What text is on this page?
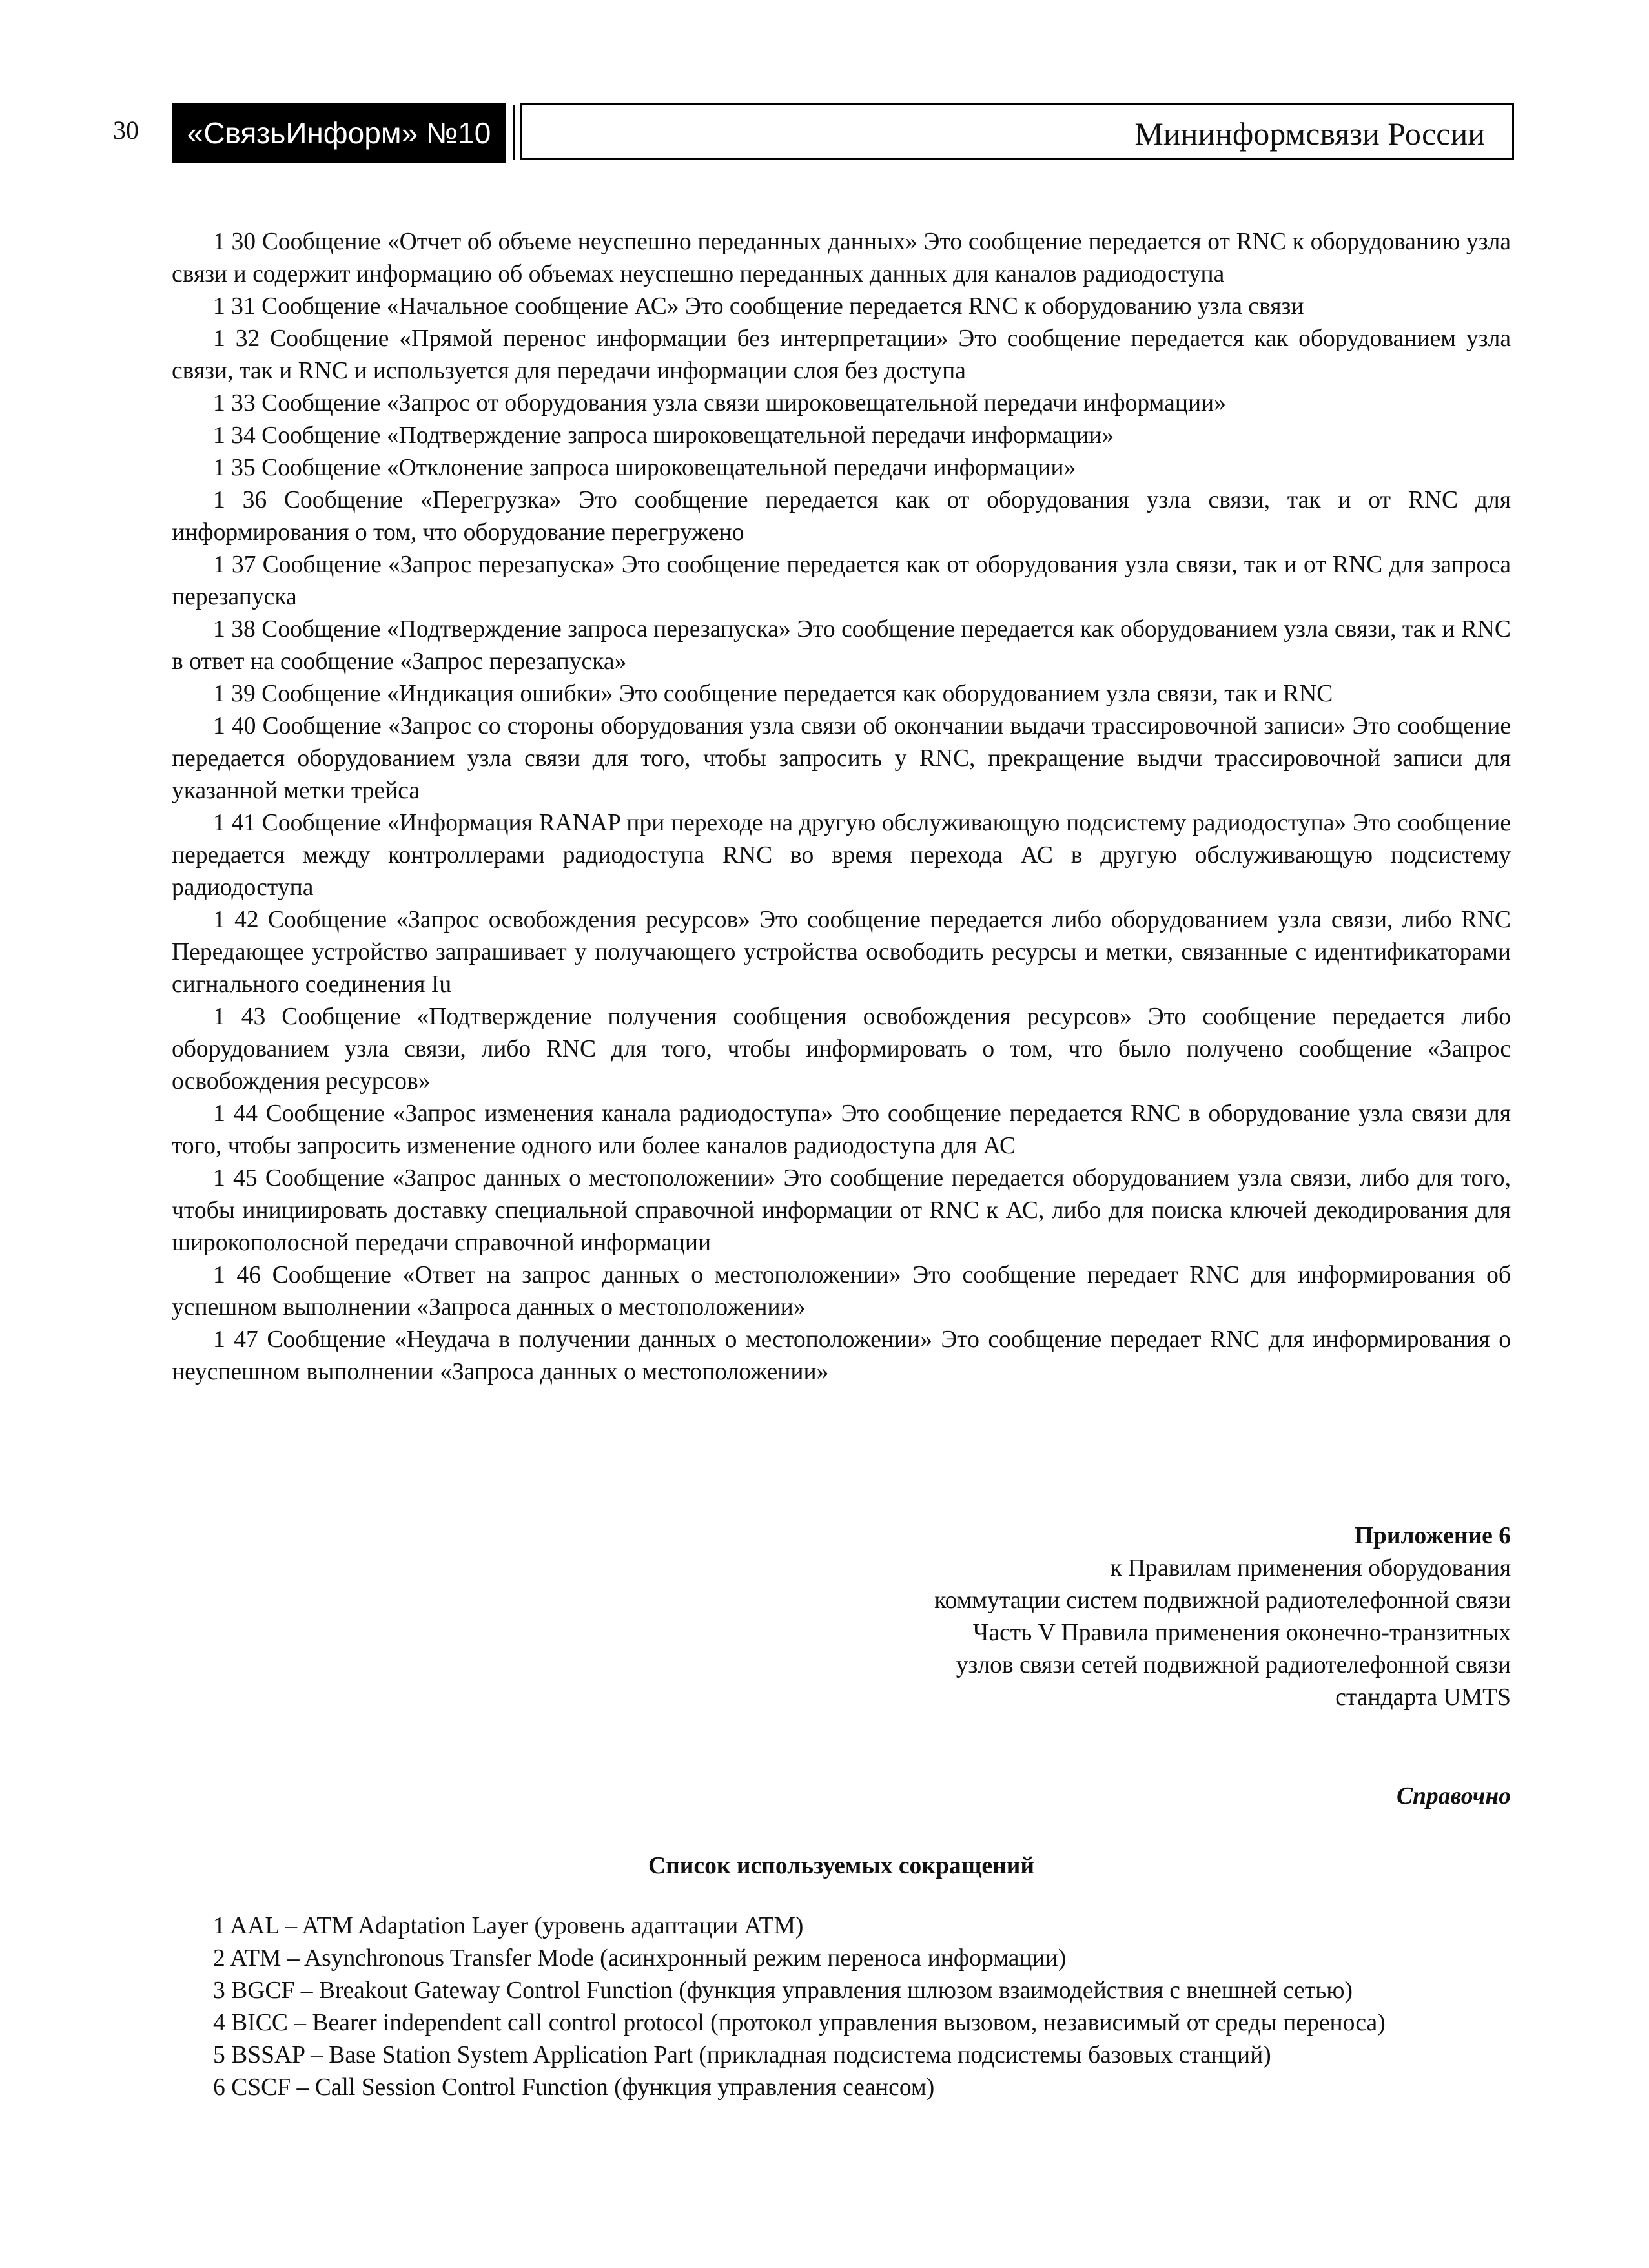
30	«СвязьИнформ» №10	Мининформсвязи России

1 30 Сообщение «Отчет об объеме неуспешно переданных данных» Это сообщение передается от RNC к оборудованию узла связи и содержит информацию об объемах неуспешно переданных данных для каналов радиодоступа

1 31 Сообщение «Начальное сообщение АС» Это сообщение передается RNC к оборудованию узла связи

1 32 Сообщение «Прямой перенос информации без интерпретации» Это сообщение передается как оборудованием узла связи, так и RNC и используется для передачи информации слоя без доступа

1 33 Сообщение «Запрос от оборудования узла связи широковещательной передачи информации»

1 34 Сообщение «Подтверждение запроса широковещательной передачи информации»

1 35 Сообщение «Отклонение запроса широковещательной передачи информации»

1 36 Сообщение «Перегрузка» Это сообщение передается как от оборудования узла связи, так и от RNC для информирования о том, что оборудование перегружено

1 37 Сообщение «Запрос перезапуска» Это сообщение передается как от оборудования узла связи, так и от RNC для запроса перезапуска

1 38 Сообщение «Подтверждение запроса перезапуска» Это сообщение передается как оборудованием узла связи, так и RNC в ответ на сообщение «Запрос перезапуска»

1 39 Сообщение «Индикация ошибки» Это сообщение передается как оборудованием узла связи, так и RNC

1 40 Сообщение «Запрос со стороны оборудования узла связи об окончании выдачи трассировочной записи» Это сообщение передается оборудованием узла связи для того, чтобы запросить у RNC, прекращение выдчи трассировочной записи для указанной метки трейса

1 41 Сообщение «Информация RANAP при переходе на другую обслуживающую подсистему радиодоступа» Это сообщение передается между контроллерами радиодоступа RNC во время перехода АС в другую обслуживающую подсистему радиодоступа

1 42 Сообщение «Запрос освобождения ресурсов» Это сообщение передается либо оборудованием узла связи, либо RNC Передающее устройство запрашивает у получающего устройства освободить ресурсы и метки, связанные с идентификаторами сигнального соединения Iu

1 43 Сообщение «Подтверждение получения сообщения освобождения ресурсов» Это сообщение передается либо оборудованием узла связи, либо RNC для того, чтобы информировать о том, что было получено сообщение «Запрос освобождения ресурсов»

1 44 Сообщение «Запрос изменения канала радиодоступа» Это сообщение передается RNC в оборудование узла связи для того, чтобы запросить изменение одного или более каналов радиодоступа для АС

1 45 Сообщение «Запрос данных о местоположении» Это сообщение передается оборудованием узла связи, либо для того, чтобы инициировать доставку специальной справочной информации от RNC к АС, либо для поиска ключей декодирования для широкополосной передачи справочной информации

1 46 Сообщение «Ответ на запрос данных о местоположении» Это сообщение передает RNC для информирования об успешном выполнении «Запроса данных о местоположении»

1 47 Сообщение «Неудача в получении данных о местоположении» Это сообщение передает RNC для информирования о неуспешном выполнении «Запроса данных о местоположении»

Приложение 6
к Правилам применения оборудования
коммутации систем подвижной радиотелефонной связи
Часть V Правила применения оконечно-транзитных
узлов связи сетей подвижной радиотелефонной связи
стандарта UMTS
Справочно
Список используемых сокращений

1 AAL – ATM Adaptation Layer (уровень адаптации ATM)

2 ATM – Asynchronous Transfer Mode (асинхронный режим переноса информации)

3 BGCF – Breakout Gateway Control Function (функция управления шлюзом взаимодействия с внешней сетью)

4 BICC – Bearer independent call control protocol (протокол управления вызовом, независимый от среды переноса)

5 BSSAP – Base Station System Application Part (прикладная подсистема подсистемы базовых станций)

6 CSCF – Call Session Control Function (функция управления сеансом)
